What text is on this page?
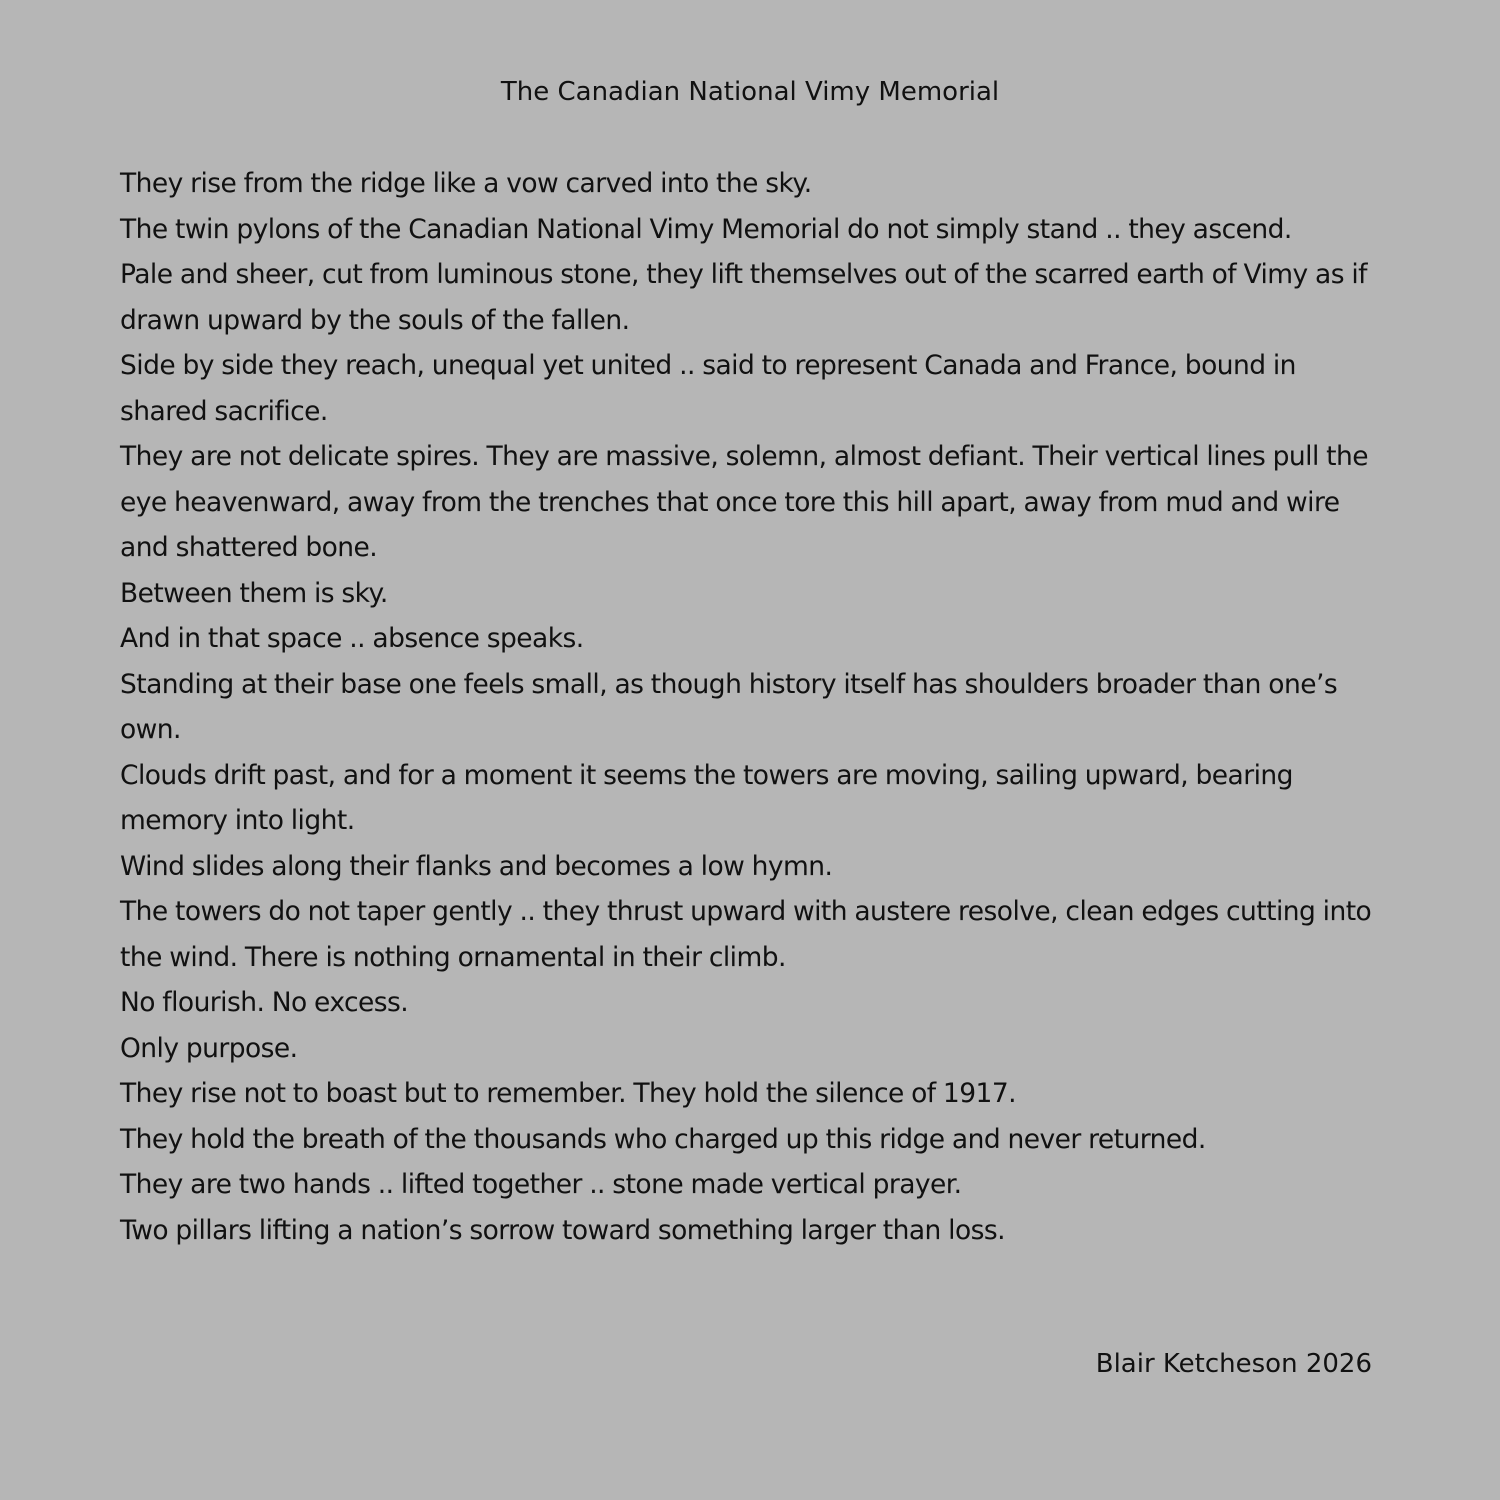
The Canadian National Vimy Memorial

They rise from the ridge like a vow carved into the sky.

The twin pylons of the Canadian National Vimy Memorial do not simply stand .. they ascend.

Pale and sheer, cut from luminous stone, they lift themselves out of the scarred earth of Vimy as if drawn upward by the souls of the fallen.

Side by side they reach, unequal yet united .. said to represent Canada and France, bound in shared sacrifice.

They are not delicate spires. They are massive, solemn, almost defiant. Their vertical lines pull the eye heavenward, away from the trenches that once tore this hill apart, away from mud and wire and shattered bone.

Between them is sky.

And in that space .. absence speaks.

Standing at their base one feels small, as though history itself has shoulders broader than one’s own.

Clouds drift past, and for a moment it seems the towers are moving, sailing upward, bearing memory into light.

Wind slides along their flanks and becomes a low hymn.

The towers do not taper gently .. they thrust upward with austere resolve, clean edges cutting into the wind. There is nothing ornamental in their climb.

No flourish. No excess.

Only purpose.

They rise not to boast but to remember. They hold the silence of 1917.

They hold the breath of the thousands who charged up this ridge and never returned.

They are two hands .. lifted together .. stone made vertical prayer.

Two pillars lifting a nation’s sorrow toward something larger than loss.

Blair Ketcheson 2026
